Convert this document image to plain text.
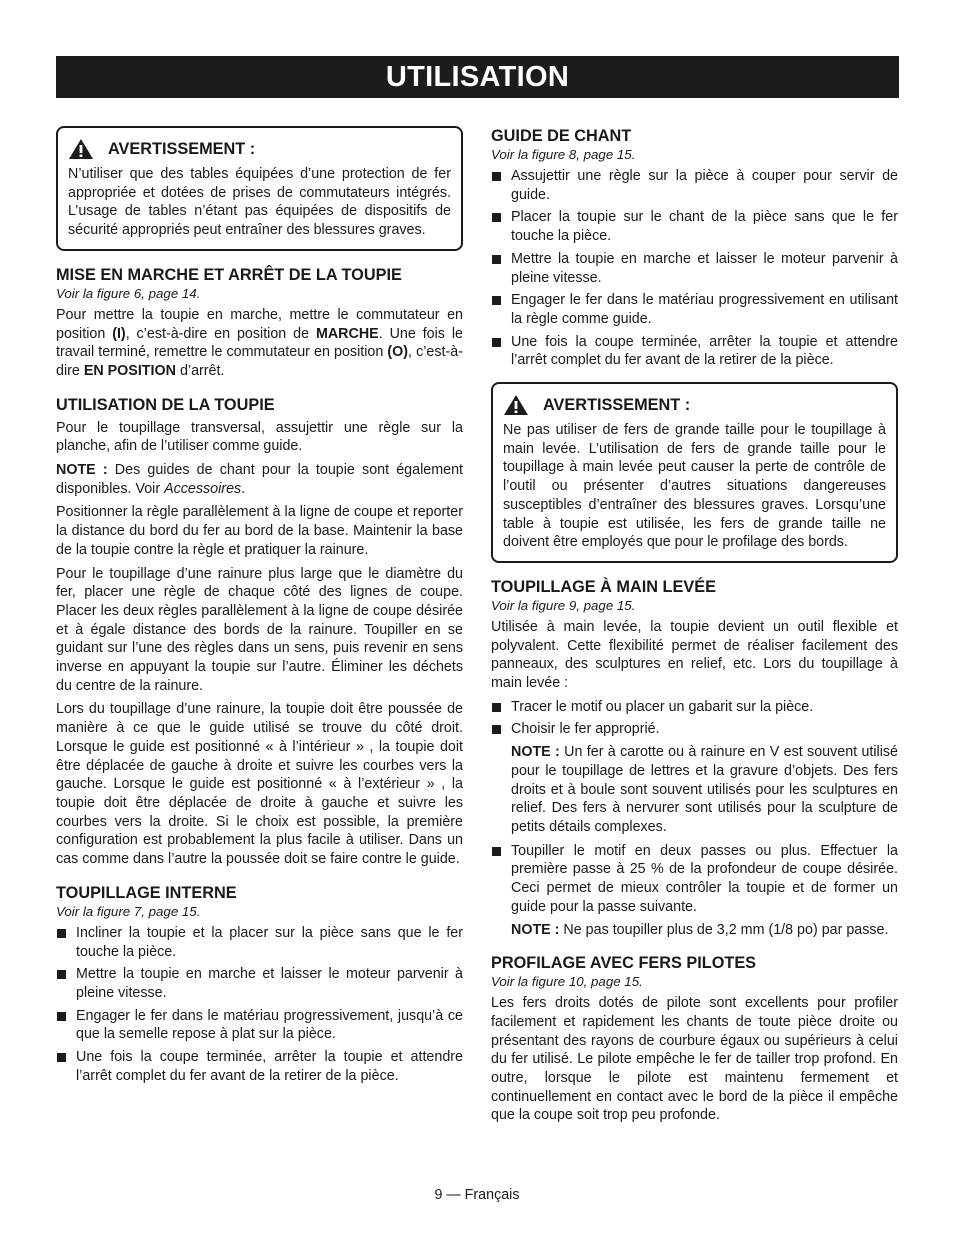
UTILISATION
AVERTISSEMENT :

N’utiliser que des tables équipées d’une protection de fer appropriée et dotées de prises de commutateurs intégrés. L’usage de tables n’étant pas équipées de dispositifs de sécurité appropriés peut entraîner des blessures graves.

MISE EN MARCHE ET ARRÊT DE LA TOUPIE

Voir la figure 6, page 14.

Pour mettre la toupie en marche, mettre le commutateur en position (I), c’est-à-dire en position de MARCHE. Une fois le travail terminé, remettre le commutateur en position (O), c’est-à-dire EN POSITION d’arrêt.

UTILISATION DE LA TOUPIE

Pour le toupillage transversal, assujettir une règle sur la planche, afin de l’utiliser comme guide.

NOTE : Des guides de chant pour la toupie sont également disponibles. Voir Accessoires.

Positionner la règle parallèlement à la ligne de coupe et reporter la distance du bord du fer au bord de la base. Maintenir la base de la toupie contre la règle et pratiquer la rainure.

Pour le toupillage d’une rainure plus large que le diamètre du fer, placer une règle de chaque côté des lignes de coupe. Placer les deux règles parallèlement à la ligne de coupe désirée et à égale distance des bords de la rainure. Toupiller en se guidant sur l’une des règles dans un sens, puis revenir en sens inverse en appuyant la toupie sur l’autre. Éliminer les déchets du centre de la rainure.

Lors du toupillage d’une rainure, la toupie doit être poussée de manière à ce que le guide utilisé se trouve du côté droit. Lorsque le guide est positionné « à l’intérieur » , la toupie doit être déplacée de gauche à droite et suivre les courbes vers la gauche. Lorsque le guide est positionné « à l’extérieur » , la toupie doit être déplacée de droite à gauche et suivre les courbes vers la droite. Si le choix est possible, la première configuration est probablement la plus facile à utiliser. Dans un cas comme dans l’autre la poussée doit se faire contre le guide.

TOUPILLAGE INTERNE

Voir la figure 7, page 15.

Incliner la toupie et la placer sur la pièce sans que le fer touche la pièce.
Mettre la toupie en marche et laisser le moteur parvenir à pleine vitesse.
Engager le fer dans le matériau progressivement, jusqu’à ce que la semelle repose à plat sur la pièce.
Une fois la coupe terminée, arrêter la toupie et attendre l’arrêt complet du fer avant de la retirer de la pièce.
GUIDE DE CHANT

Voir la figure 8, page 15.

Assujettir une règle sur la pièce à couper pour servir de guide.
Placer la toupie sur le chant de la pièce sans que le fer touche la pièce.
Mettre la toupie en marche et laisser le moteur parvenir à pleine vitesse.
Engager le fer dans le matériau progressivement en utilisant la règle comme guide.
Une fois la coupe terminée, arrêter la toupie et attendre l’arrêt complet du fer avant de la retirer de la pièce.
AVERTISSEMENT :

Ne pas utiliser de fers de grande taille pour le toupillage à main levée. L’utilisation de fers de grande taille pour le toupillage à main levée peut causer la perte de contrôle de l’outil ou présenter d’autres situations dangereuses susceptibles d’entraîner des blessures graves. Lorsqu’une table à toupie est utilisée, les fers de grande taille ne doivent être employés que pour le profilage des bords.

TOUPILLAGE À MAIN LEVÉE

Voir la figure 9, page 15.

Utilisée à main levée, la toupie devient un outil flexible et polyvalent. Cette flexibilité permet de réaliser facilement des panneaux, des sculptures en relief, etc. Lors du toupillage à main levée :

Tracer le motif ou placer un gabarit sur la pièce.
Choisir le fer approprié.

NOTE : Un fer à carotte ou à rainure en V est souvent utilisé pour le toupillage de lettres et la gravure d’objets. Des fers droits et à boule sont souvent utilisés pour les sculptures en relief. Des fers à nervurer sont utilisés pour la sculpture de petits détails complexes.

Toupiller le motif en deux passes ou plus. Effectuer la première passe à 25 % de la profondeur de coupe désirée. Ceci permet de mieux contrôler la toupie et de former un guide pour la passe suivante.

NOTE : Ne pas toupiller plus de 3,2 mm (1/8 po) par passe.

PROFILAGE AVEC FERS PILOTES

Voir la figure 10, page 15.

Les fers droits dotés de pilote sont excellents pour profiler facilement et rapidement les chants de toute pièce droite ou présentant des rayons de courbure égaux ou supérieurs à celui du fer utilisé. Le pilote empêche le fer de tailler trop profond. En outre, lorsque le pilote est maintenu fermement et continuellement en contact avec le bord de la pièce il empêche que la coupe soit trop peu profonde.

9 — Français
